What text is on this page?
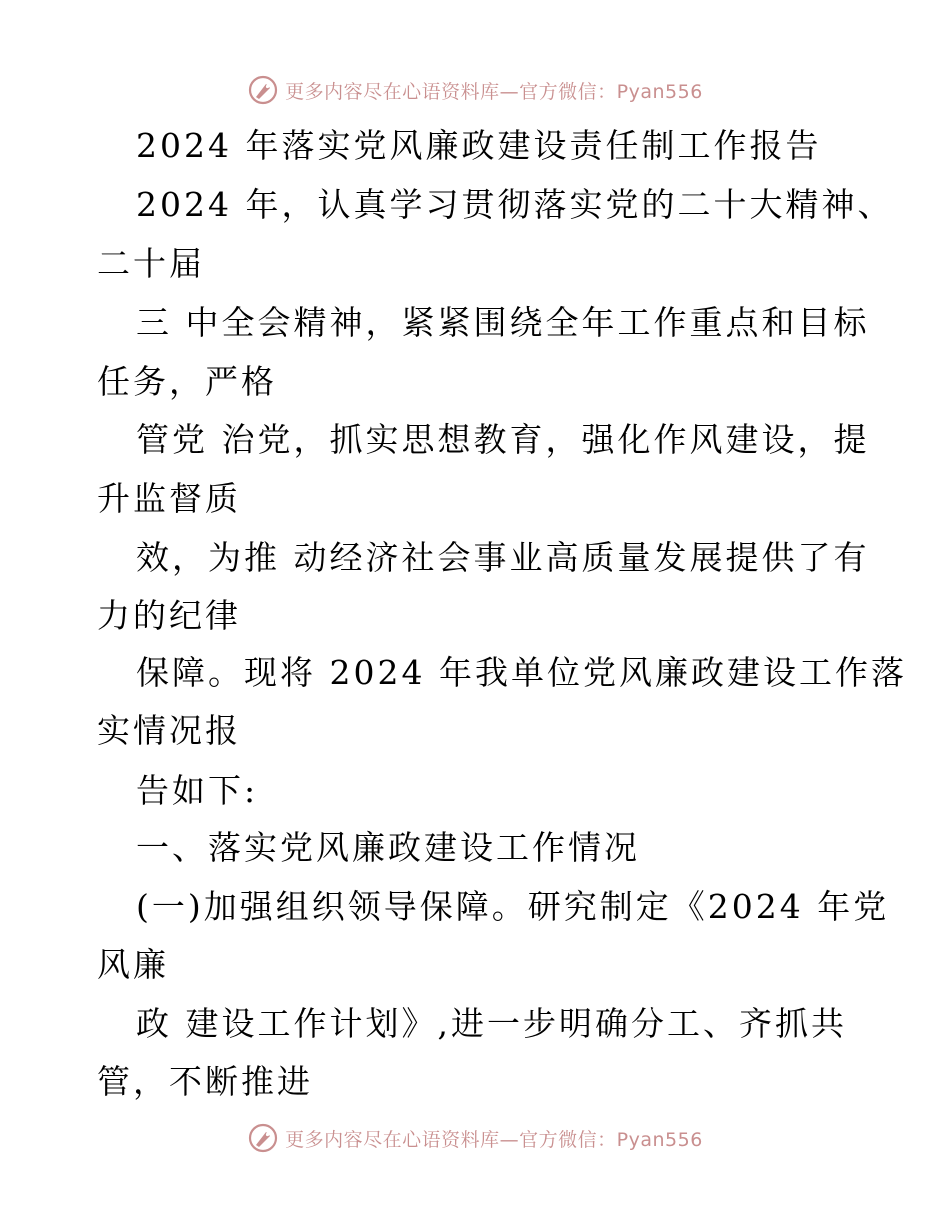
更多内容尽在心语资料库—官方微信：Pyan556
2024 年落实党风廉政建设责任制工作报告
2024 年，认真学习贯彻落实党的二十大精神、
二十届
三 中全会精神，紧紧围绕全年工作重点和目标
任务，严格
管党 治党，抓实思想教育，强化作风建设，提
升监督质
效，为推 动经济社会事业高质量发展提供了有
力的纪律
保障。现将 2024 年我单位党风廉政建设工作落
实情况报
告如下:
一、落实党风廉政建设工作情况
(一)加强组织领导保障。研究制定《2024 年党
风廉
政 建设工作计划》,进一步明确分工、齐抓共
管，不断推进
更多内容尽在心语资料库—官方微信：Pyan556
